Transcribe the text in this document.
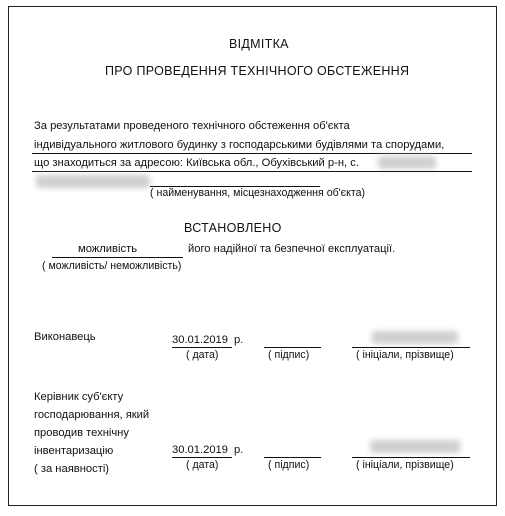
ВІДМІТКА
ПРО ПРОВЕДЕННЯ ТЕХНІЧНОГО ОБСТЕЖЕННЯ
За результатами проведеного технічного обстеження об'єкта
індивідуального житлового будинку з господарськими будівлями та спорудами,
що знаходиться за адресою: Київська обл., Обухівський р-н, с.
( найменування, місцезнаходження об'єкта)
ВСТАНОВЛЕНО
можливість	його надійної та безпечної експлуатації.
( можливість/ неможливість)
Виконавець	30.01.2019 р.
( дата)	( підпис)	( ініціали, прізвище)
Керівник суб'єкту
господарювання, який
проводив технічну
інвентаризацію
( за наявності)
30.01.2019 р.
( дата)	( підпис)	( ініціали, прізвище)
